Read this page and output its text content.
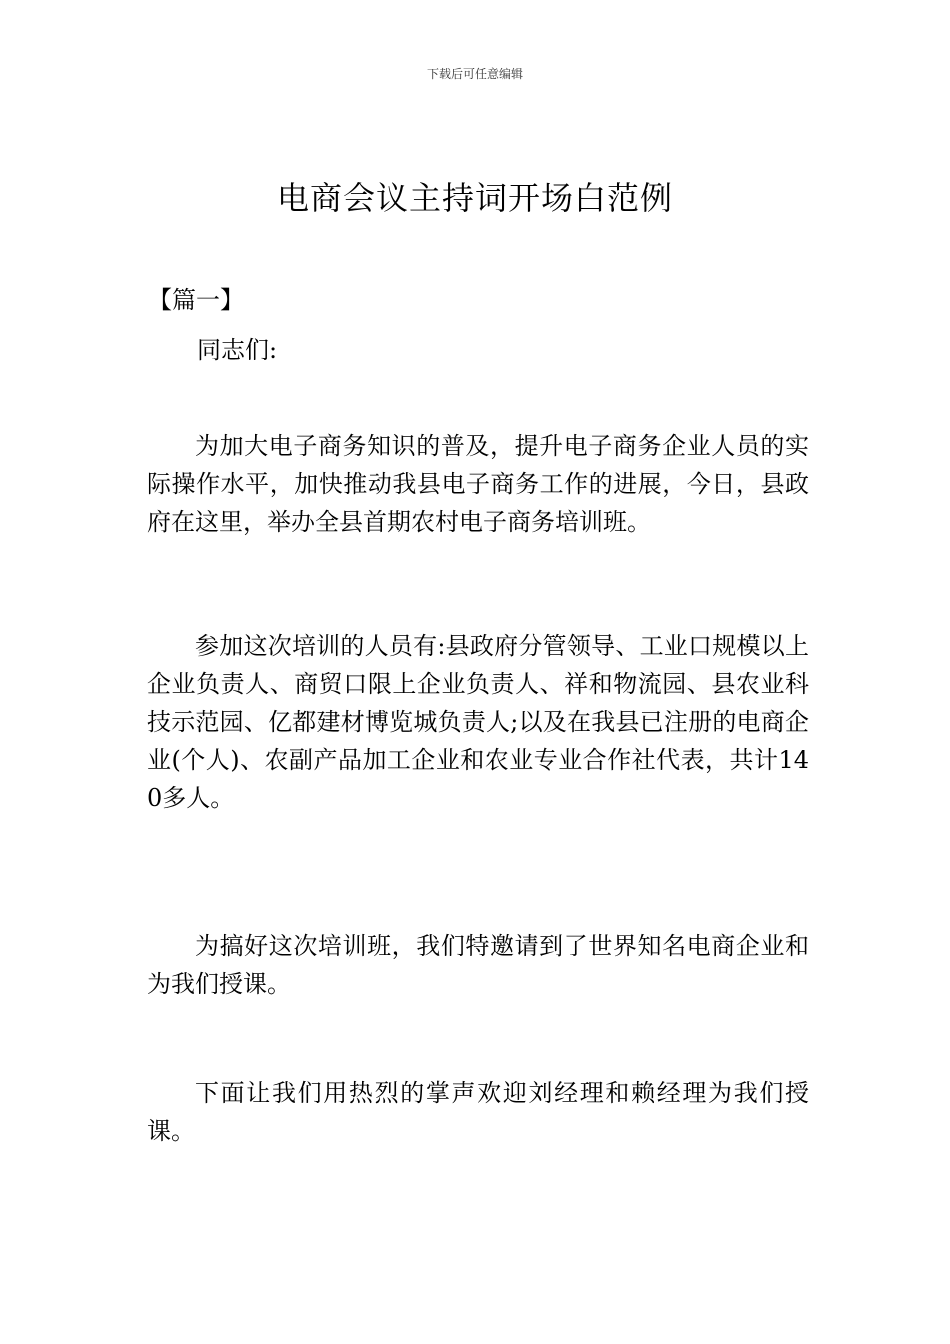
下载后可任意编辑
电商会议主持词开场白范例
【篇一】
同志们:

为加大电子商务知识的普及，提升电子商务企业人员的实际操作水平，加快推动我县电子商务工作的进展，今日，县政府在这里，举办全县首期农村电子商务培训班。

参加这次培训的人员有:县政府分管领导、工业口规模以上企业负责人、商贸口限上企业负责人、祥和物流园、县农业科技示范园、亿都建材博览城负责人;以及在我县已注册的电商企业(个人)、农副产品加工企业和农业专业合作社代表，共计140多人。

为搞好这次培训班，我们特邀请到了世界知名电商企业和为我们授课。

下面让我们用热烈的掌声欢迎刘经理和赖经理为我们授课。
